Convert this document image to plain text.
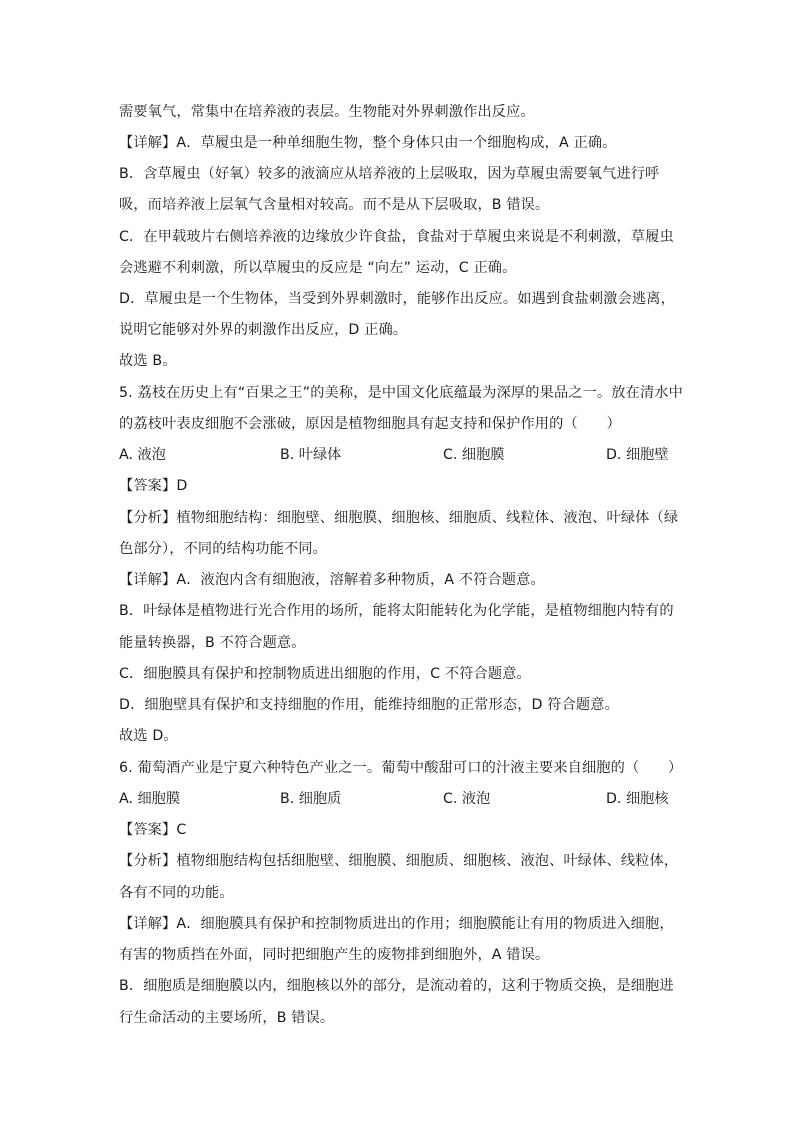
需要氧气，常集中在培养液的表层。生物能对外界刺激作出反应。
【详解】A．草履虫是一种单细胞生物，整个身体只由一个细胞构成，A 正确。
B．含草履虫（好氧）较多的液滴应从培养液的上层吸取，因为草履虫需要氧气进行呼
吸，而培养液上层氧气含量相对较高。而不是从下层吸取，B 错误。
C．在甲载玻片右侧培养液的边缘放少许食盐，食盐对于草履虫来说是不利刺激，草履虫
会逃避不利刺激，所以草履虫的反应是 “向左” 运动，C 正确。
D．草履虫是一个生物体，当受到外界刺激时，能够作出反应。如遇到食盐刺激会逃离，
说明它能够对外界的刺激作出反应，D 正确。
故选 B。
5. 荔枝在历史上有“百果之王”的美称，是中国文化底蕴最为深厚的果品之一。放在清水中
的荔枝叶表皮细胞不会涨破，原因是植物细胞具有起支持和保护作用的（　　）
A. 液泡	B. 叶绿体	C. 细胞膜	D. 细胞壁
【答案】D
【分析】植物细胞结构：细胞壁、细胞膜、细胞核、细胞质、线粒体、液泡、叶绿体（绿
色部分），不同的结构功能不同。
【详解】A．液泡内含有细胞液，溶解着多种物质，A 不符合题意。
B．叶绿体是植物进行光合作用的场所，能将太阳能转化为化学能，是植物细胞内特有的
能量转换器，B 不符合题意。
C．细胞膜具有保护和控制物质进出细胞的作用，C 不符合题意。
D．细胞壁具有保护和支持细胞的作用，能维持细胞的正常形态，D 符合题意。
故选 D。
6. 葡萄酒产业是宁夏六种特色产业之一。葡萄中酸甜可口的汁液主要来自细胞的（　　）
A. 细胞膜	B. 细胞质	C. 液泡	D. 细胞核
【答案】C
【分析】植物细胞结构包括细胞壁、细胞膜、细胞质、细胞核、液泡、叶绿体、线粒体，
各有不同的功能。
【详解】A．细胞膜具有保护和控制物质进出的作用；细胞膜能让有用的物质进入细胞，
有害的物质挡在外面，同时把细胞产生的废物排到细胞外，A 错误。
B．细胞质是细胞膜以内，细胞核以外的部分，是流动着的，这利于物质交换，是细胞进
行生命活动的主要场所，B 错误。
